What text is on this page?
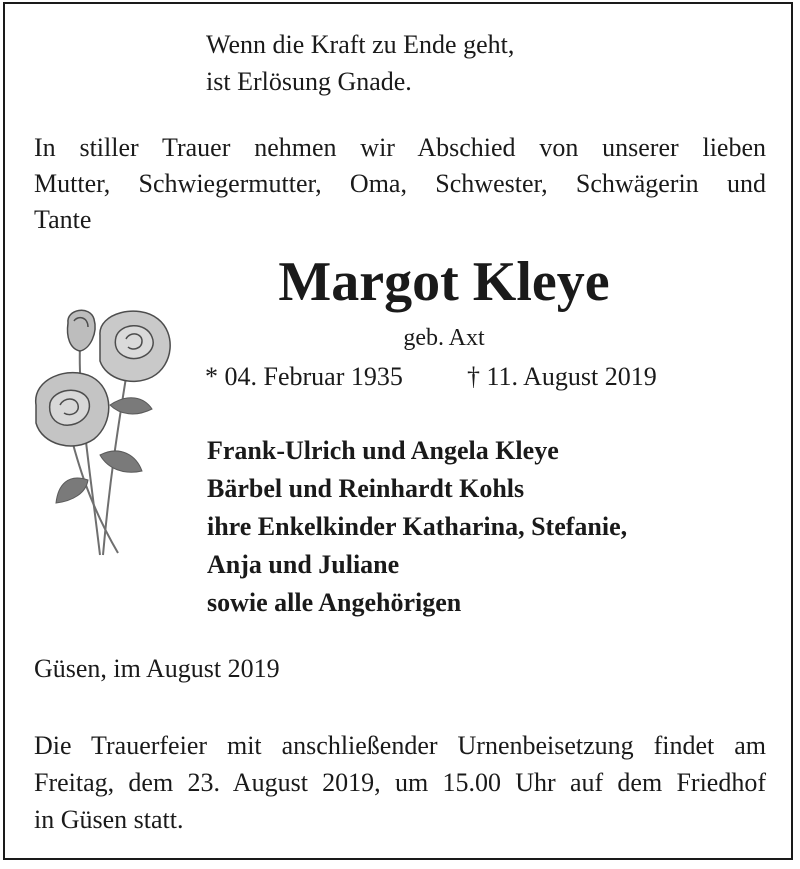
Wenn die Kraft zu Ende geht,
ist Erlösung Gnade.
In stiller Trauer nehmen wir Abschied von unserer lieben
Mutter, Schwiegermutter, Oma, Schwester, Schwägerin und
Tante
Margot Kleye
geb. Axt
* 04. Februar 1935 † 11. August 2019
Frank-Ulrich und Angela Kleye
Bärbel und Reinhardt Kohls
ihre Enkelkinder Katharina, Stefanie,
Anja und Juliane
sowie alle Angehörigen
Güsen, im August 2019
Die Trauerfeier mit anschließender Urnenbeisetzung findet am
Freitag, dem 23. August 2019, um 15.00 Uhr auf dem Friedhof
in Güsen statt.
